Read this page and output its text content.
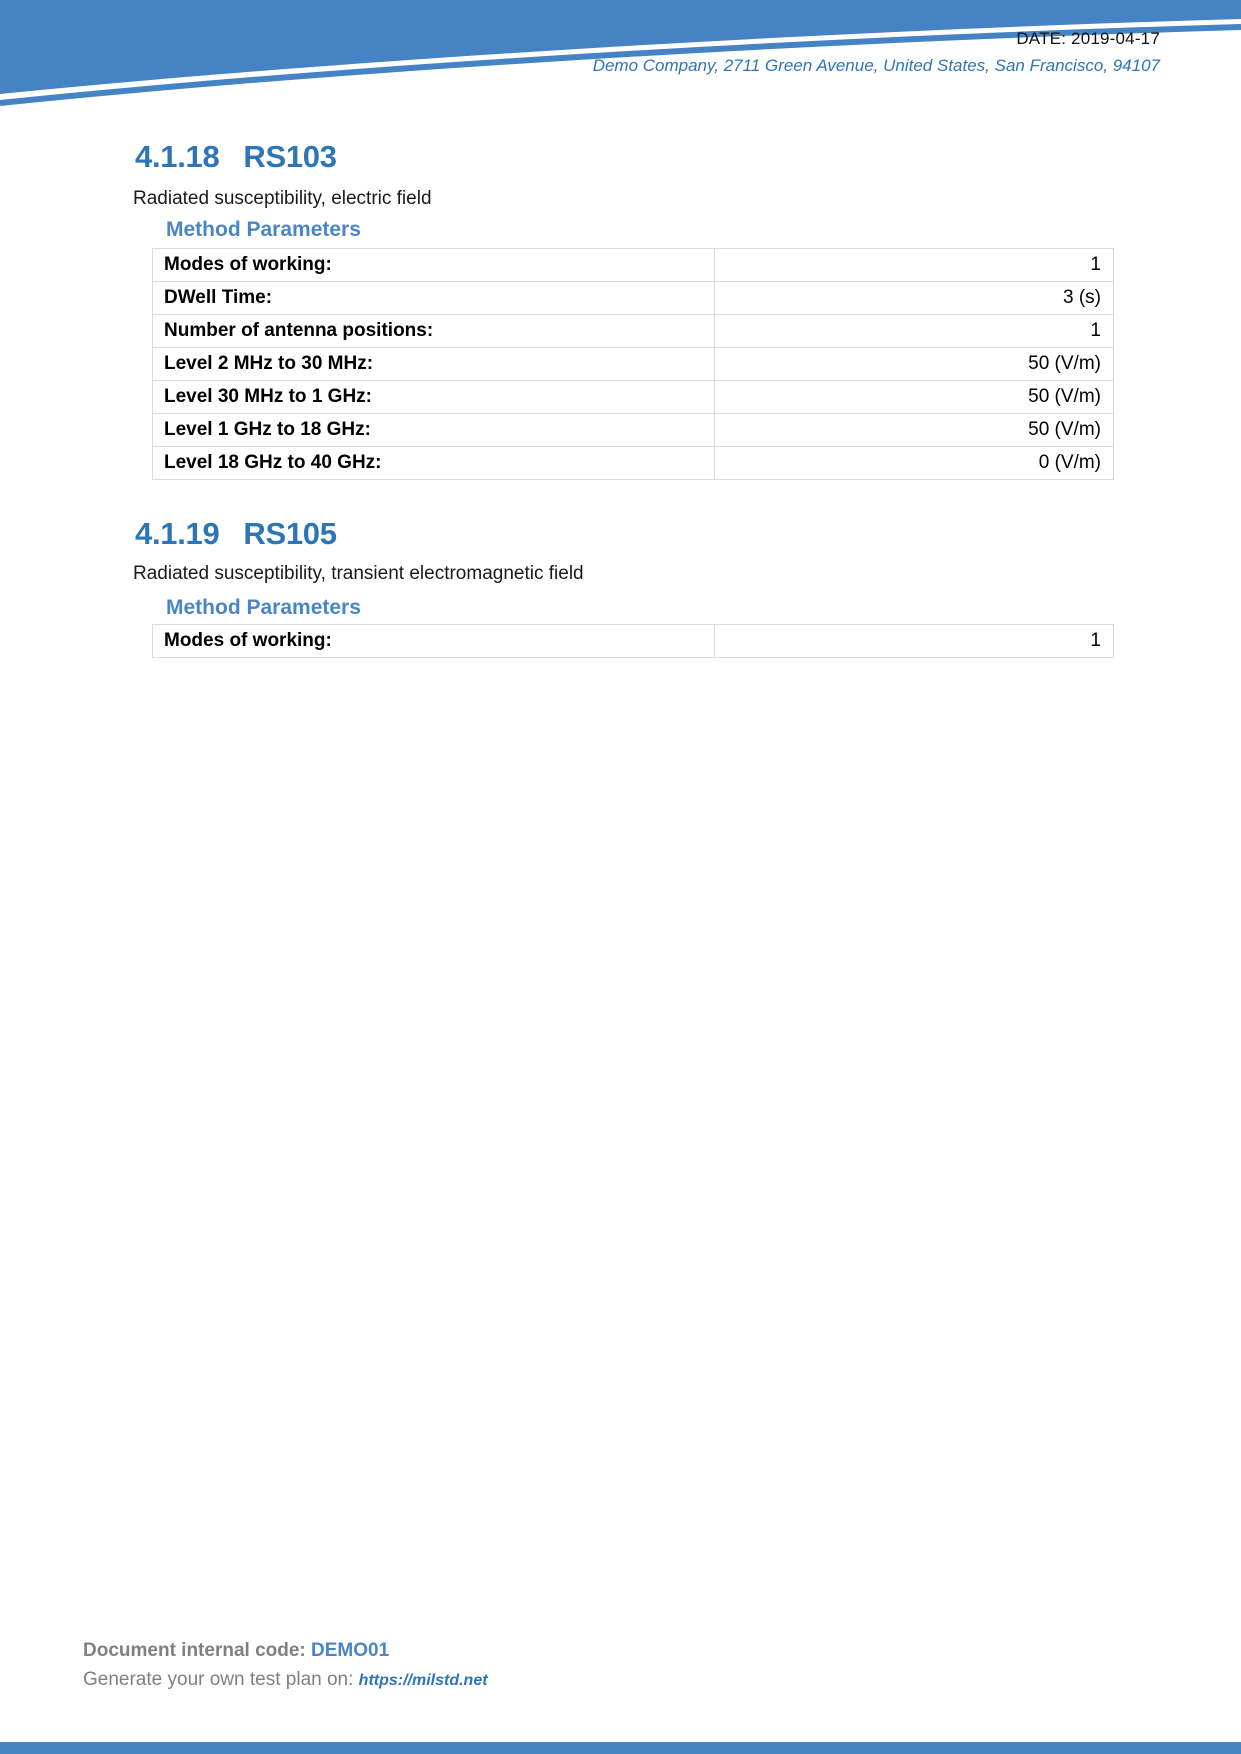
DATE: 2019-04-17
Demo Company, 2711 Green Avenue, United States, San Francisco, 94107
4.1.18 RS103
Radiated susceptibility, electric field
Method Parameters
Modes of working:	1
DWell Time:	3 (s)
Number of antenna positions:	1
Level 2 MHz to 30 MHz:	50 (V/m)
Level 30 MHz to 1 GHz:	50 (V/m)
Level 1 GHz to 18 GHz:	50 (V/m)
Level 18 GHz to 40 GHz:	0 (V/m)
4.1.19 RS105
Radiated susceptibility, transient electromagnetic field
Method Parameters
Modes of working:	1
Document internal code: DEMO01
Generate your own test plan on: https://milstd.net
